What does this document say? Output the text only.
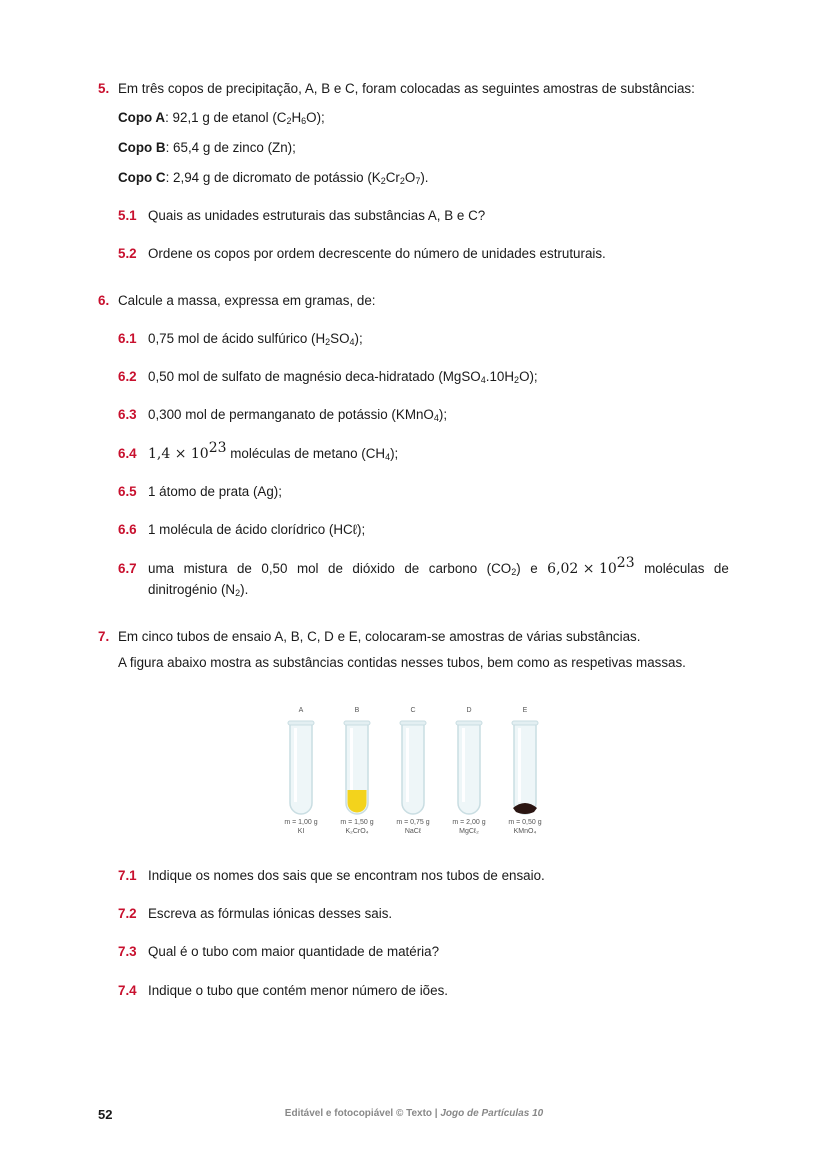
5. Em três copos de precipitação, A, B e C, foram colocadas as seguintes amostras de substâncias:
Copo A: 92,1 g de etanol $(C_2H_6O)$;
Copo B: 65,4 g de zinco (Zn);
Copo C: 2,94 g de dicromato de potássio $(K_2Cr_2O_7)$.
5.1 Quais as unidades estruturais das substâncias A, B e C?
5.2 Ordene os copos por ordem decrescente do número de unidades estruturais.
6. Calcule a massa, expressa em gramas, de:
6.1 0,75 mol de ácido sulfúrico $(H_2SO_4)$;
6.2 0,50 mol de sulfato de magnésio deca-hidratado $(MgSO_4.10H_2O)$;
6.3 0,300 mol de permanganato de potássio (KMnO$_4$);
6.4 $1,4 \times 10^{23}$ moléculas de metano $(CH_4)$;
6.5 1 átomo de prata (Ag);
6.6 1 molécula de ácido clorídrico (HCℓ);
6.7 uma mistura de 0,50 mol de dióxido de carbono $(CO_2)$ e $6,02 \times 10^{23}$ moléculas de
dinitrogénio $(N_2)$.
7. Em cinco tubos de ensaio A, B, C, D e E, colocaram-se amostras de várias substâncias.
A figura abaixo mostra as substâncias contidas nesses tubos, bem como as respetivas massas.
A
m = 1,00 g
KI
B
m = 1,50 g
K₂CrO₄
C
m = 0,75 g
NaCℓ
D
m = 2,00 g
MgCℓ₂
E
m = 0,50 g
KMnO₄
7.1 Indique os nomes dos sais que se encontram nos tubos de ensaio.
7.2 Escreva as fórmulas iónicas desses sais.
7.3 Qual é o tubo com maior quantidade de matéria?
7.4 Indique o tubo que contém menor número de iões.
52	Editável e fotocopiável © Texto | Jogo de Partículas 10
